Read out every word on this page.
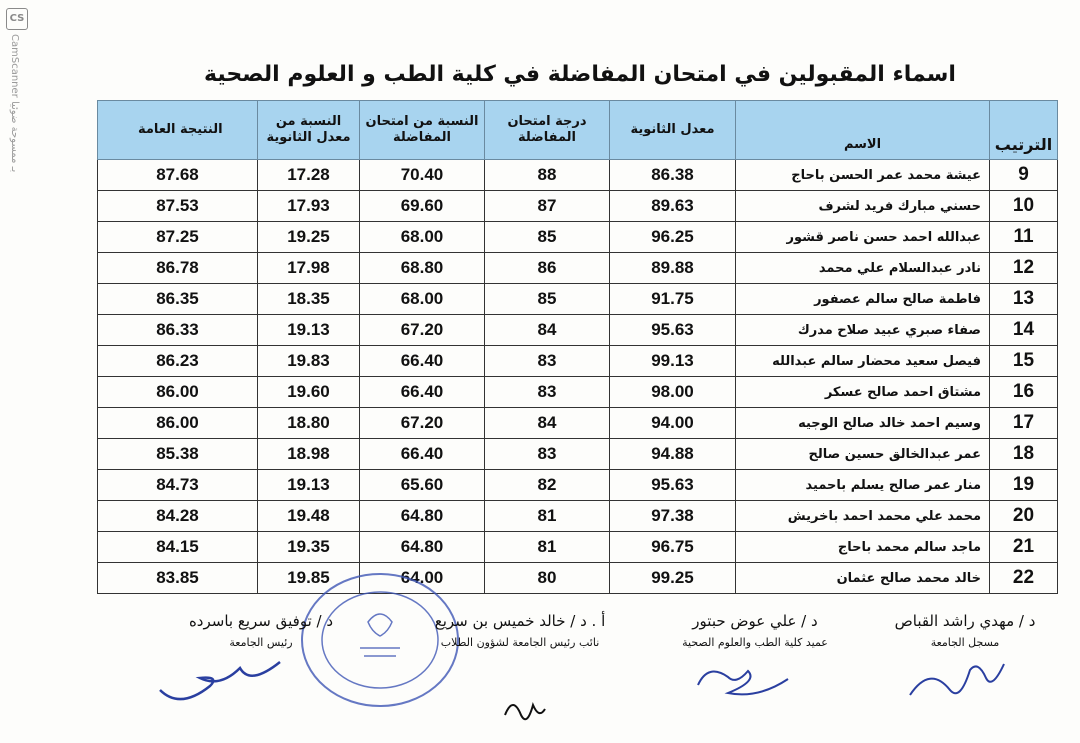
CS
CamScanner بـ ممسوحة ضوئيا
اسماء المقبولين في امتحان المفاضلة في كلية الطب و العلوم الصحية
الترتيب	الاسم	معدل الثانوية	درجة امتحان المفاضلة	النسبة من امتحان المفاضلة	النسبة من معدل الثانوية	النتيجة العامة
9	عيشة محمد عمر الحسن باحاج	86.38	88	70.40	17.28	87.68
10	حسني مبارك فريد لشرف	89.63	87	69.60	17.93	87.53
11	عبدالله احمد حسن ناصر قشور	96.25	85	68.00	19.25	87.25
12	نادر عبدالسلام علي محمد	89.88	86	68.80	17.98	86.78
13	فاطمة صالح سالم عصفور	91.75	85	68.00	18.35	86.35
14	صفاء صبري عبيد صلاح مدرك	95.63	84	67.20	19.13	86.33
15	فيصل سعيد محضار سالم عبدالله	99.13	83	66.40	19.83	86.23
16	مشتاق احمد صالح عسكر	98.00	83	66.40	19.60	86.00
17	وسيم احمد خالد صالح الوجيه	94.00	84	67.20	18.80	86.00
18	عمر عبدالخالق حسين صالح	94.88	83	66.40	18.98	85.38
19	منار عمر صالح يسلم باحميد	95.63	82	65.60	19.13	84.73
20	محمد علي محمد احمد باخريش	97.38	81	64.80	19.48	84.28
21	ماجد سالم محمد باحاج	96.75	81	64.80	19.35	84.15
22	خالد محمد صالح عثمان	99.25	80	64.00	19.85	83.85
د / مهدي راشد القباص
مسجل الجامعة
د / علي عوض حبتور
عميد كلية الطب والعلوم الصحية
أ . د / خالد خميس بن سريع
نائب رئيس الجامعة لشؤون الطلاب
د / توفيق سريع باسرده
رئيس الجامعة
